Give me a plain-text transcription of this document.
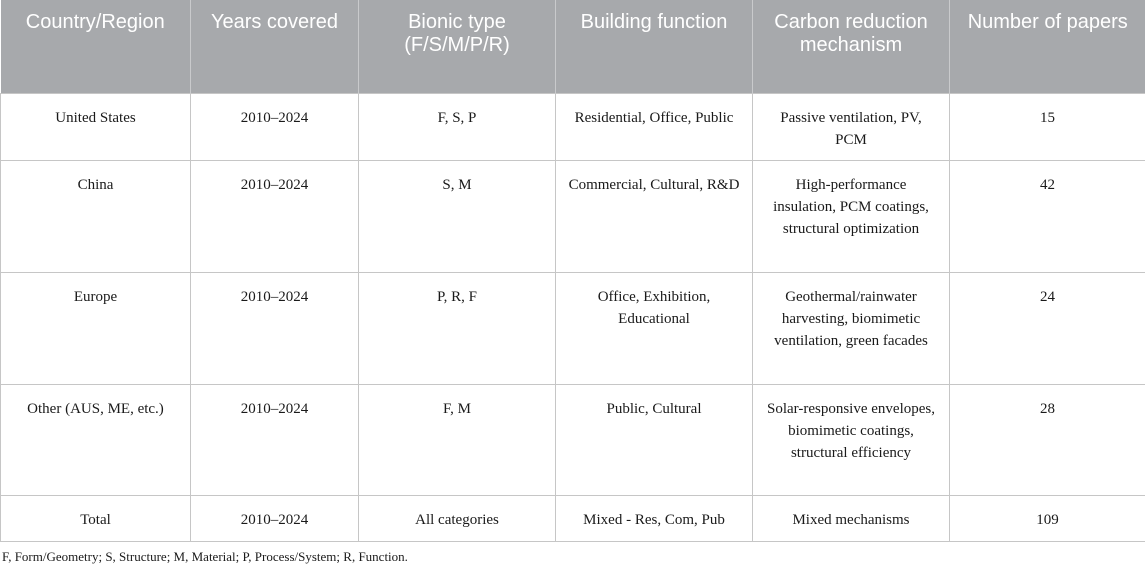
Country/Region	Years covered	Bionic type (F/S/M/P/R)	Building function	Carbon reduction mechanism	Number of papers

United States	2010–2024	F, S, P	Residential, Office, Public	Passive ventilation, PV, PCM	15
China	2010–2024	S, M	Commercial, Cultural, R&D	High-performance insulation, PCM coatings, structural optimization	42
Europe	2010–2024	P, R, F	Office, Exhibition, Educational	Geothermal/rainwater harvesting, biomimetic ventilation, green facades	24
Other (AUS, ME, etc.)	2010–2024	F, M	Public, Cultural	Solar-responsive envelopes, biomimetic coatings, structural efficiency	28
Total	2010–2024	All categories	Mixed - Res, Com, Pub	Mixed mechanisms	109
F, Form/Geometry; S, Structure; M, Material; P, Process/System; R, Function.
